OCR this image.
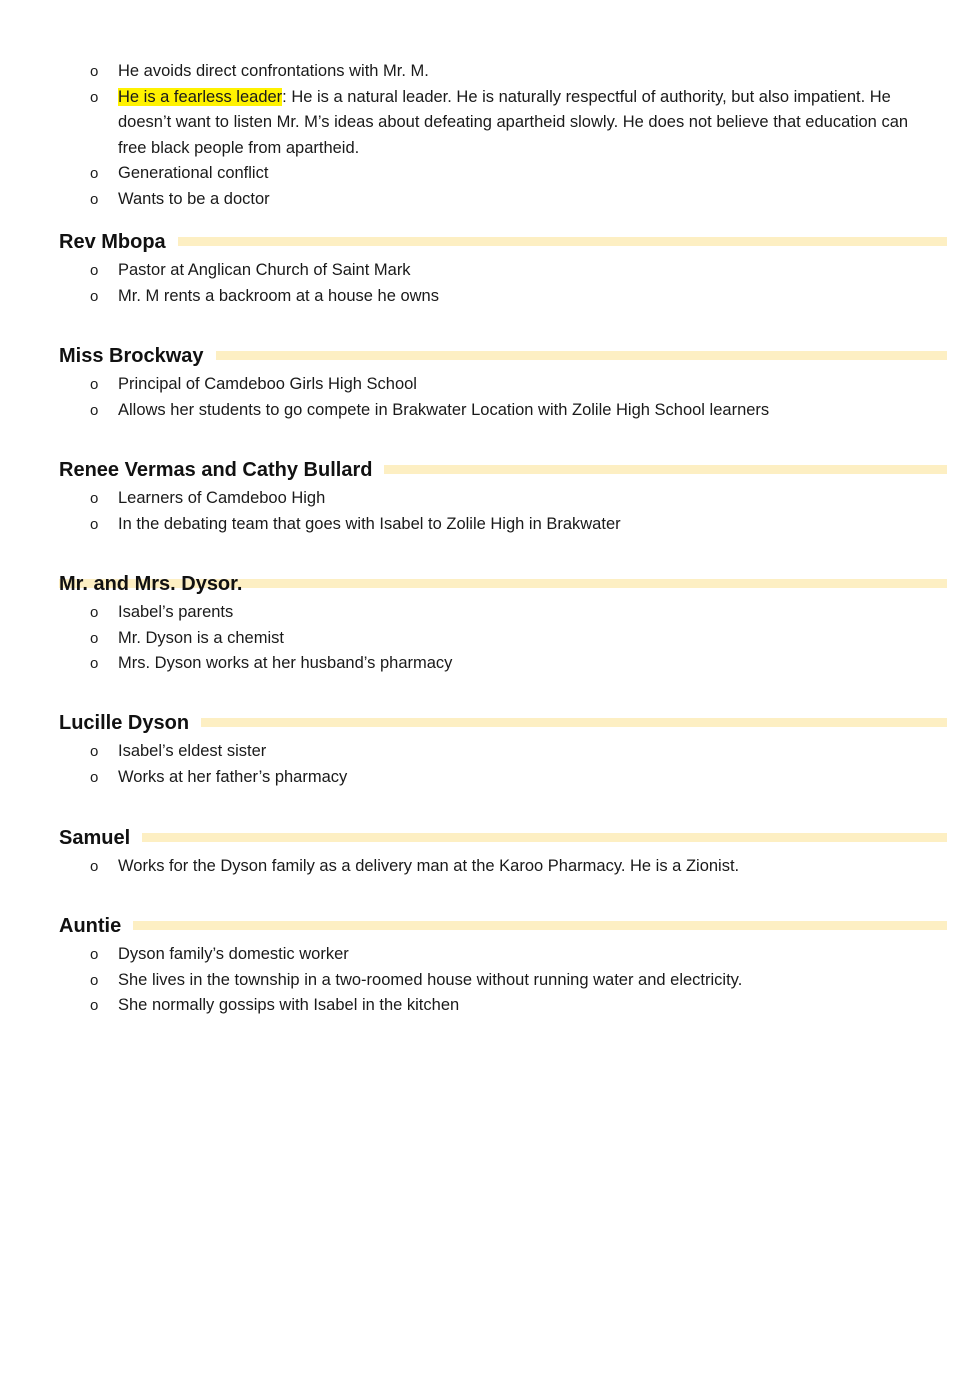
o He avoids direct confrontations with Mr. M.
o He is a fearless leader: He is a natural leader. He is naturally respectful of authority, but also impatient. He doesn’t want to listen Mr. M’s ideas about defeating apartheid slowly. He does not believe that education can free black people from apartheid.
o Generational conflict
o Wants to be a doctor
Rev Mbopa
o Pastor at Anglican Church of Saint Mark
o Mr. M rents a backroom at a house he owns
Miss Brockway
o Principal of Camdeboo Girls High School
o Allows her students to go compete in Brakwater Location with Zolile High School learners
Renee Vermas and Cathy Bullard
o Learners of Camdeboo High
o In the debating team that goes with Isabel to Zolile High in Brakwater
Mr. and Mrs. Dysor.
o Isabel’s parents
o Mr. Dyson is a chemist
o Mrs. Dyson works at her husband’s pharmacy
Lucille Dyson
o Isabel’s eldest sister
o Works at her father’s pharmacy
Samuel
o Works for the Dyson family as a delivery man at the Karoo Pharmacy. He is a Zionist.
Auntie
o Dyson family’s domestic worker
o She lives in the township in a two-roomed house without running water and electricity.
o She normally gossips with Isabel in the kitchen
